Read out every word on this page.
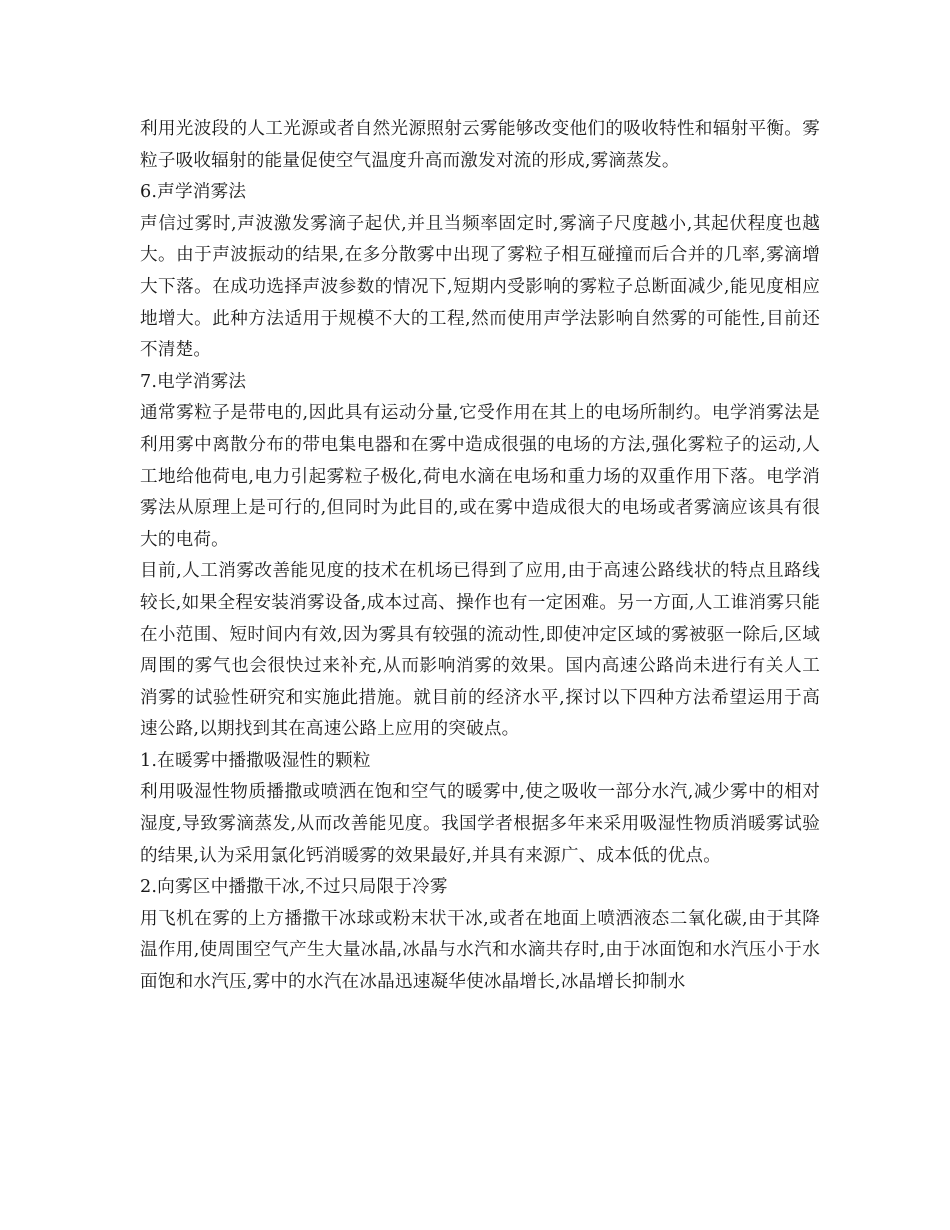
利用光波段的人工光源或者自然光源照射云雾能够改变他们的吸收特性和辐射平衡。雾粒子吸收辐射的能量促使空气温度升高而激发对流的形成,雾滴蒸发。

6.声学消雾法

声信过雾时,声波激发雾滴子起伏,并且当频率固定时,雾滴子尺度越小,其起伏程度也越大。由于声波振动的结果,在多分散雾中出现了雾粒子相互碰撞而后合并的几率,雾滴增大下落。在成功选择声波参数的情况下,短期内受影响的雾粒子总断面减少,能见度相应地增大。此种方法适用于规模不大的工程,然而使用声学法影响自然雾的可能性,目前还不清楚。

7.电学消雾法

通常雾粒子是带电的,因此具有运动分量,它受作用在其上的电场所制约。电学消雾法是利用雾中离散分布的带电集电器和在雾中造成很强的电场的方法,强化雾粒子的运动,人工地给他荷电,电力引起雾粒子极化,荷电水滴在电场和重力场的双重作用下落。电学消雾法从原理上是可行的,但同时为此目的,或在雾中造成很大的电场或者雾滴应该具有很大的电荷。

目前,人工消雾改善能见度的技术在机场已得到了应用,由于高速公路线状的特点且路线较长,如果全程安装消雾设备,成本过高、操作也有一定困难。另一方面,人工谁消雾只能在小范围、短时间内有效,因为雾具有较强的流动性,即使冲定区域的雾被驱一除后,区域周围的雾气也会很快过来补充,从而影响消雾的效果。国内高速公路尚未进行有关人工消雾的试验性研究和实施此措施。就目前的经济水平,探讨以下四种方法希望运用于高速公路,以期找到其在高速公路上应用的突破点。

1.在暖雾中播撒吸湿性的颗粒

利用吸湿性物质播撒或喷洒在饱和空气的暖雾中,使之吸收一部分水汽,减少雾中的相对湿度,导致雾滴蒸发,从而改善能见度。我国学者根据多年来采用吸湿性物质消暖雾试验的结果,认为采用氯化钙消暖雾的效果最好,并具有来源广、成本低的优点。

2.向雾区中播撒干冰,不过只局限于冷雾

用飞机在雾的上方播撒干冰球或粉末状干冰,或者在地面上喷洒液态二氧化碳,由于其降温作用,使周围空气产生大量冰晶,冰晶与水汽和水滴共存时,由于冰面饱和水汽压小于水面饱和水汽压,雾中的水汽在冰晶迅速凝华使冰晶增长,冰晶增长抑制水
